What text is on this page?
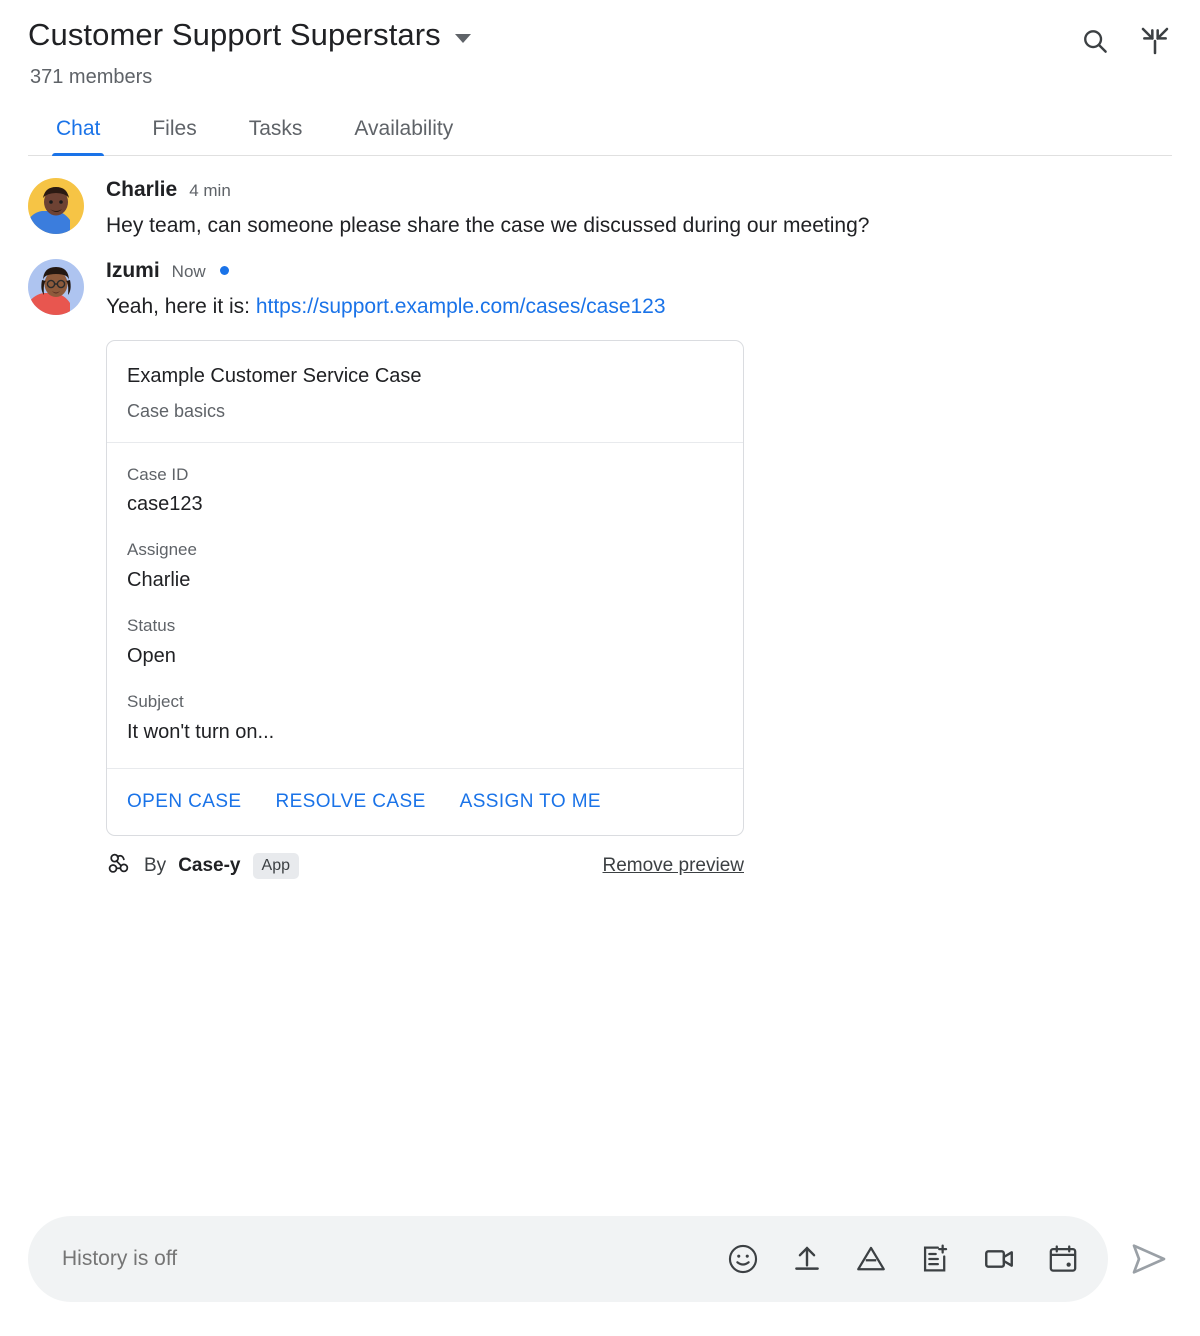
Customer Support Superstars
371 members
Chat	Files	Tasks	Availability
Charlie 4 min
Hey team, can someone please share the case we discussed during our meeting?
Izumi Now
Yeah, here it is: https://support.example.com/cases/case123
Example Customer Service Case
Case basics
Case ID
case123
Assignee
Charlie
Status
Open
Subject
It won't turn on...
OPEN CASE RESOLVE CASE ASSIGN TO ME
By Case-y	App	Remove preview
History is off
